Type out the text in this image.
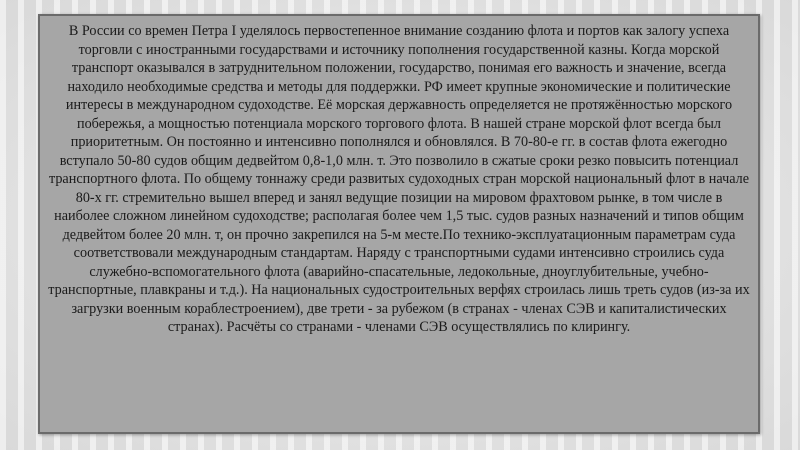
В России со времен Петра I уделялось первостепенное внимание созданию флота и портов как залогу успеха торговли с иностранными государствами и источнику пополнения государственной казны. Когда морской транспорт оказывался в затруднительном положении, государство, понимая его важность и значение, всегда находило необходимые средства и методы для поддержки. РФ имеет крупные экономические и политические интересы в международном судоходстве. Её морская державность определяется не протяжённостью морского побережья, а мощностью потенциала морского торгового флота. В нашей стране морской флот всегда был приоритетным. Он постоянно и интенсивно пополнялся и обновлялся. В 70-80-е гг. в состав флота ежегодно вступало 50-80 судов общим дедвейтом 0,8-1,0 млн. т. Это позволило в сжатые сроки резко повысить потенциал транспортного флота. По общему тоннажу среди развитых судоходных стран морской национальный флот в начале 80-х гг. стремительно вышел вперед и занял ведущие позиции на мировом фрахтовом рынке, в том числе в наиболее сложном линейном судоходстве; располагая более чем 1,5 тыс. судов разных назначений и типов общим дедвейтом более 20 млн. т, он прочно закрепился на 5-м месте.По технико-эксплуатационным параметрам суда соответствовали международным стандартам. Наряду с транспортными судами интенсивно строились суда служебно-вспомогательного флота (аварийно-спасательные, ледокольные, дноуглубительные, учебно-транспортные, плавкраны и т.д.). На национальных судостроительных верфях строилась лишь треть судов (из-за их загрузки военным кораблестроением), две трети - за рубежом (в странах - членах СЭВ и капиталистических странах). Расчёты со странами - членами СЭВ осуществлялись по клирингу.
